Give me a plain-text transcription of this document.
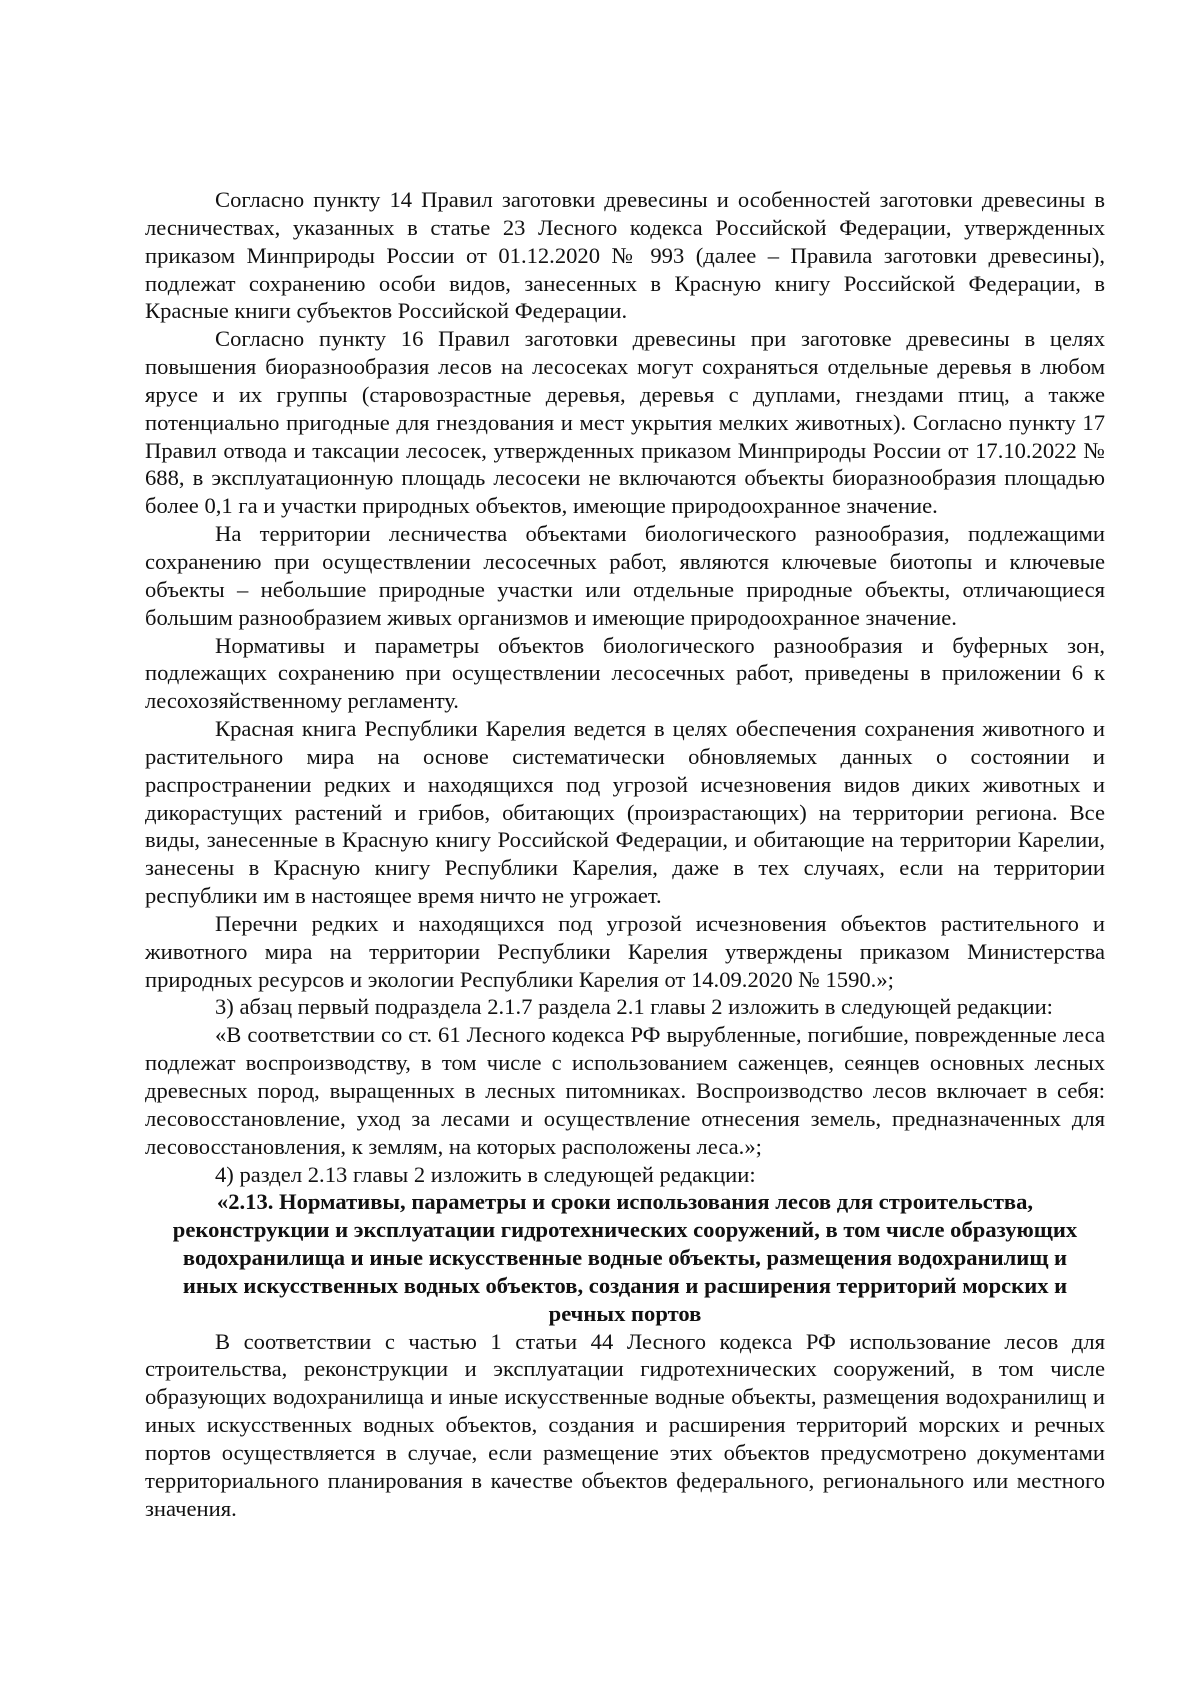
Согласно пункту 14 Правил заготовки древесины и особенностей заготовки древесины в лесничествах, указанных в статье 23 Лесного кодекса Российской Федерации, утвержденных приказом Минприроды России от 01.12.2020 № 993 (далее – Правила заготовки древесины), подлежат сохранению особи видов, занесенных в Красную книгу Российской Федерации, в Красные книги субъектов Российской Федерации.

Согласно пункту 16 Правил заготовки древесины при заготовке древесины в целях повышения биоразнообразия лесов на лесосеках могут сохраняться отдельные деревья в любом ярусе и их группы (старовозрастные деревья, деревья с дуплами, гнездами птиц, а также потенциально пригодные для гнездования и мест укрытия мелких животных). Согласно пункту 17 Правил отвода и таксации лесосек, утвержденных приказом Минприроды России от 17.10.2022 № 688, в эксплуатационную площадь лесосеки не включаются объекты биоразнообразия площадью более 0,1 га и участки природных объектов, имеющие природоохранное значение.

На территории лесничества объектами биологического разнообразия, подлежащими сохранению при осуществлении лесосечных работ, являются ключевые биотопы и ключевые объекты – небольшие природные участки или отдельные природные объекты, отличающиеся большим разнообразием живых организмов и имеющие природоохранное значение.

Нормативы и параметры объектов биологического разнообразия и буферных зон, подлежащих сохранению при осуществлении лесосечных работ, приведены в приложении 6 к лесохозяйственному регламенту.

Красная книга Республики Карелия ведется в целях обеспечения сохранения животного и растительного мира на основе систематически обновляемых данных о состоянии и распространении редких и находящихся под угрозой исчезновения видов диких животных и дикорастущих растений и грибов, обитающих (произрастающих) на территории региона. Все виды, занесенные в Красную книгу Российской Федерации, и обитающие на территории Карелии, занесены в Красную книгу Республики Карелия, даже в тех случаях, если на территории республики им в настоящее время ничто не угрожает.

Перечни редких и находящихся под угрозой исчезновения объектов растительного и животного мира на территории Республики Карелия утверждены приказом Министерства природных ресурсов и экологии Республики Карелия от 14.09.2020 № 1590.»;

3) абзац первый подраздела 2.1.7 раздела 2.1 главы 2 изложить в следующей редакции:

«В соответствии со ст. 61 Лесного кодекса РФ вырубленные, погибшие, поврежденные леса подлежат воспроизводству, в том числе с использованием саженцев, сеянцев основных лесных древесных пород, выращенных в лесных питомниках. Воспроизводство лесов включает в себя: лесовосстановление, уход за лесами и осуществление отнесения земель, предназначенных для лесовосстановления, к землям, на которых расположены леса.»;

4) раздел 2.13 главы 2 изложить в следующей редакции:

«2.13. Нормативы, параметры и сроки использования лесов для строительства, реконструкции и эксплуатации гидротехнических сооружений, в том числе образующих водохранилища и иные искусственные водные объекты, размещения водохранилищ и иных искусственных водных объектов, создания и расширения территорий морских и речных портов

В соответствии с частью 1 статьи 44 Лесного кодекса РФ использование лесов для строительства, реконструкции и эксплуатации гидротехнических сооружений, в том числе образующих водохранилища и иные искусственные водные объекты, размещения водохранилищ и иных искусственных водных объектов, создания и расширения территорий морских и речных портов осуществляется в случае, если размещение этих объектов предусмотрено документами территориального планирования в качестве объектов федерального, регионального или местного значения.
